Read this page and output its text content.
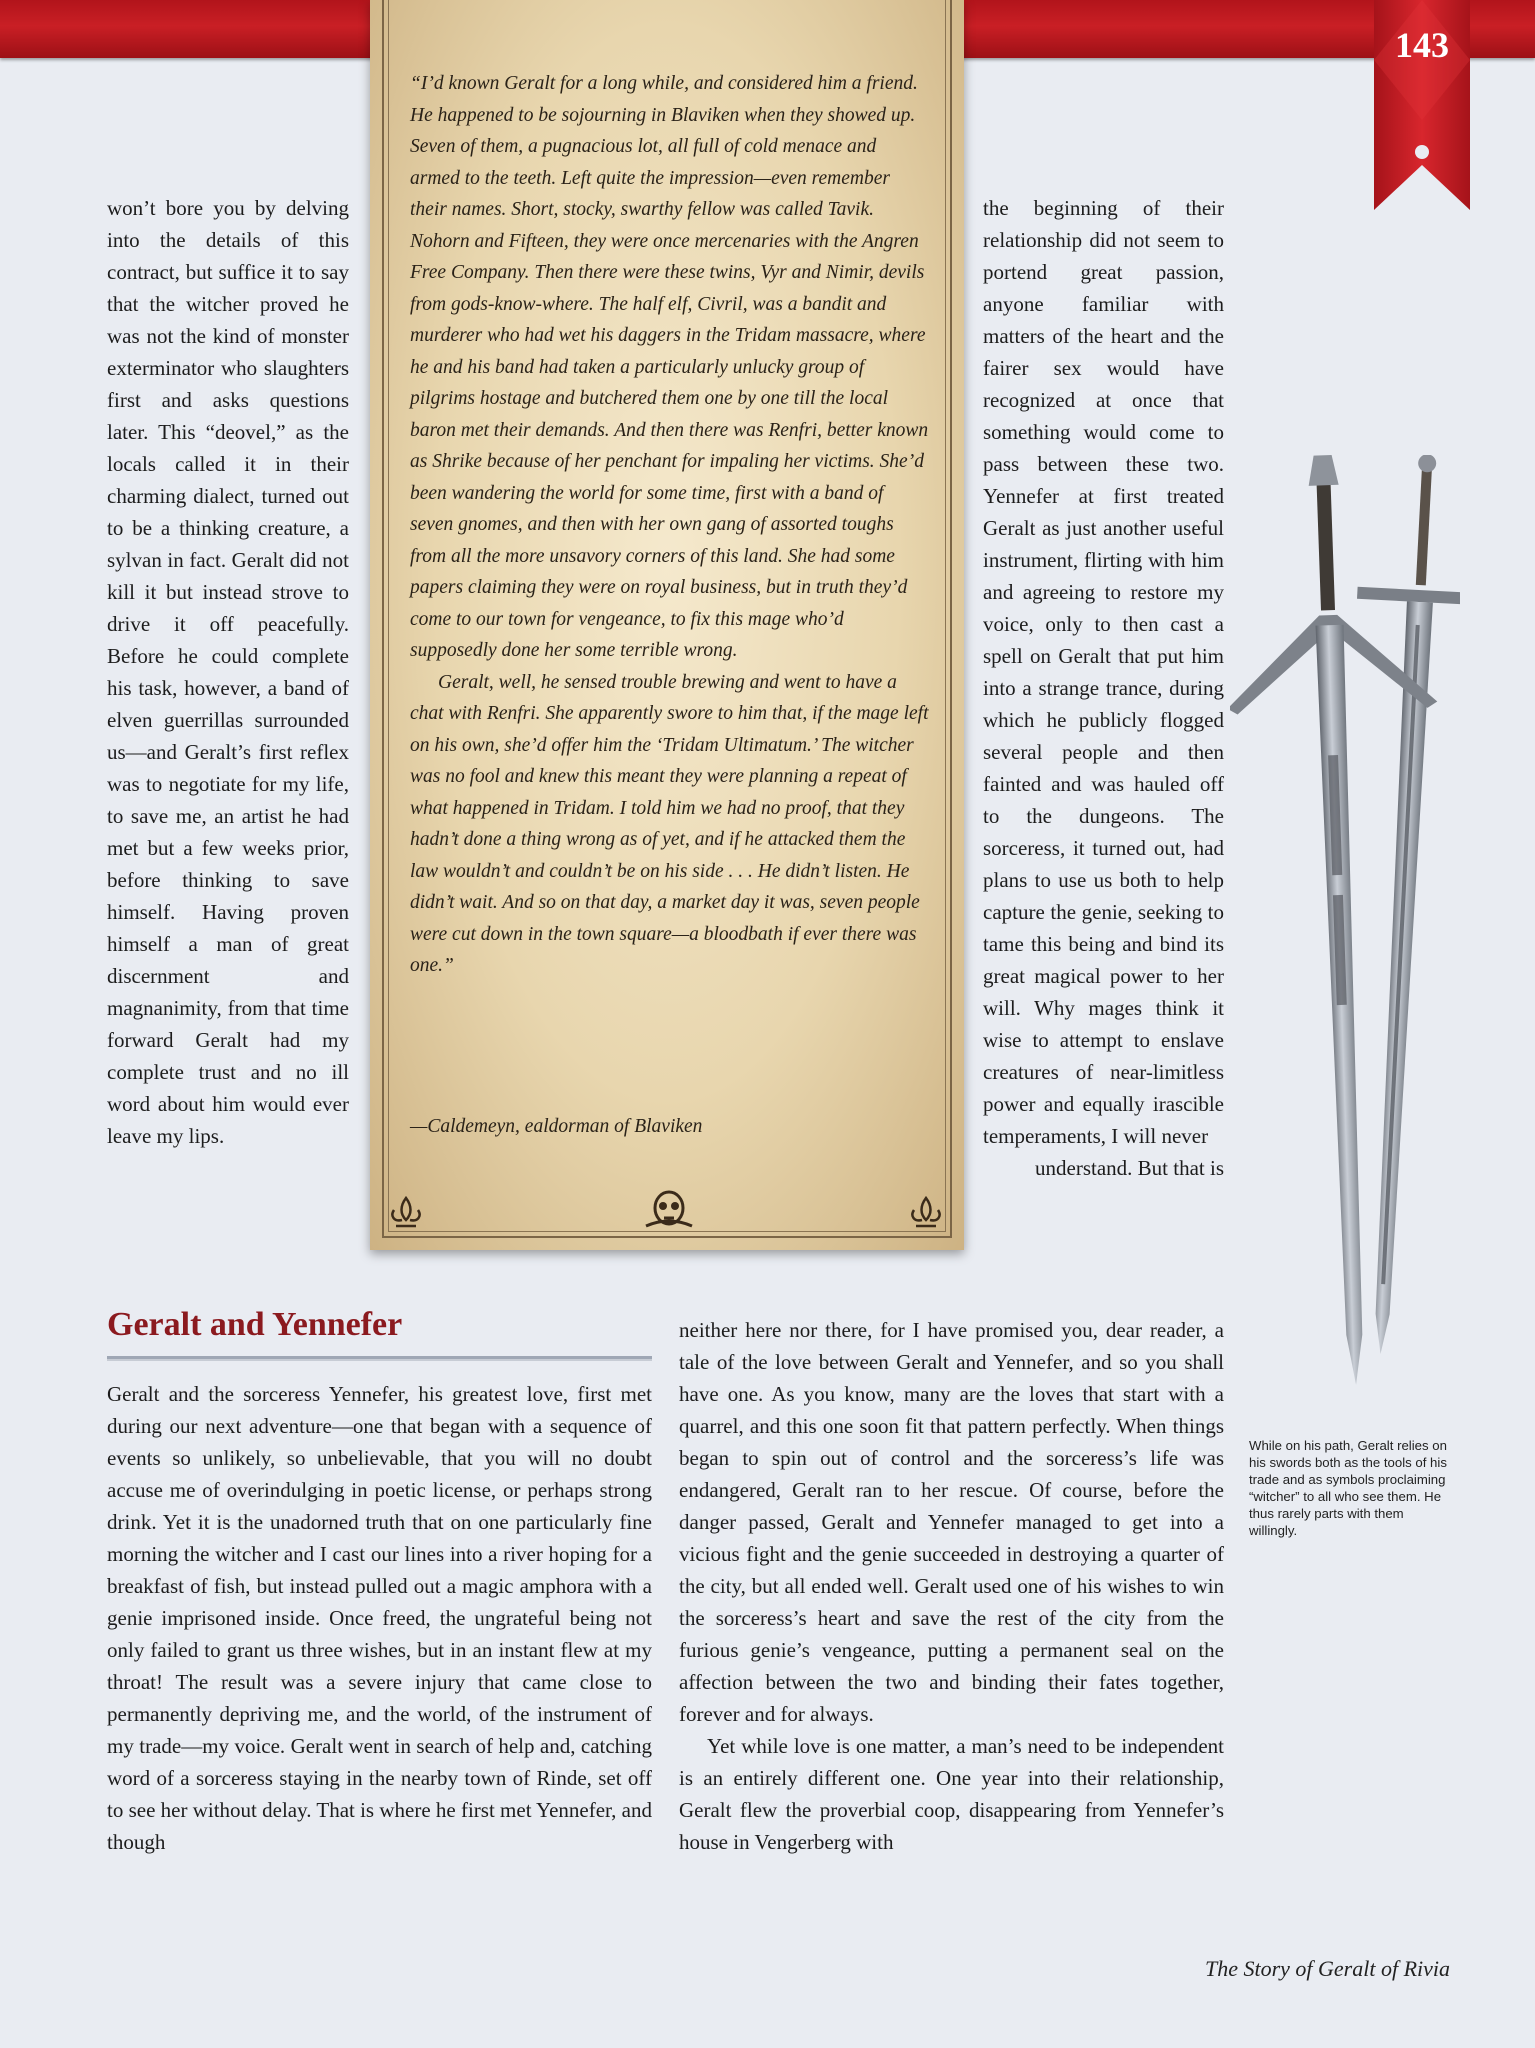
143

won’t bore you by delving into the details of this contract, but suffice it to say that the witcher proved he was not the kind of monster exterminator who slaughters first and asks questions later. This “deovel,” as the locals called it in their charming dialect, turned out to be a thinking creature, a sylvan in fact. Geralt did not kill it but instead strove to drive it off peacefully. Before he could complete his task, however, a band of elven guerrillas surrounded us—and Geralt’s first reflex was to negotiate for my life, to save me, an artist he had met but a few weeks prior, before thinking to save himself. Having proven himself a man of great discernment and magnanimity, from that time forward Geralt had my complete trust and no ill word about him would ever leave my lips.

“I’d known Geralt for a long while, and considered him a friend. He happened to be sojourning in Blaviken when they showed up. Seven of them, a pugnacious lot, all full of cold menace and armed to the teeth. Left quite the impression—even remember their names. Short, stocky, swarthy fellow was called Tavik. Nohorn and Fifteen, they were once mercenaries with the Angren Free Company. Then there were these twins, Vyr and Nimir, devils from gods-know-where. The half elf, Civril, was a bandit and murderer who had wet his daggers in the Tridam massacre, where he and his band had taken a particularly unlucky group of pilgrims hostage and butchered them one by one till the local baron met their demands. And then there was Renfri, better known as Shrike because of her penchant for impaling her victims. She’d been wandering the world for some time, first with a band of seven gnomes, and then with her own gang of assorted toughs from all the more unsavory corners of this land. She had some papers claiming they were on royal business, but in truth they’d come to our town for vengeance, to fix this mage who’d supposedly done her some terrible wrong.

Geralt, well, he sensed trouble brewing and went to have a chat with Renfri. She apparently swore to him that, if the mage left on his own, she’d offer him the ‘Tridam Ultimatum.’ The witcher was no fool and knew this meant they were planning a repeat of what happened in Tridam. I told him we had no proof, that they hadn’t done a thing wrong as of yet, and if he attacked them the law wouldn’t and couldn’t be on his side . . . He didn’t listen. He didn’t wait. And so on that day, a market day it was, seven people were cut down in the town square—a bloodbath if ever there was one.”

—Caldemeyn, ealdorman of Blaviken

the beginning of their relationship did not seem to portend great passion, anyone familiar with matters of the heart and the fairer sex would have recognized at once that something would come to pass between these two. Yennefer at first treated Geralt as just another useful instrument, flirting with him and agreeing to restore my voice, only to then cast a spell on Geralt that put him into a strange trance, during which he publicly flogged several people and then fainted and was hauled off to the dungeons. The sorceress, it turned out, had plans to use us both to help capture the genie, seeking to tame this being and bind its great magical power to her will. Why mages think it wise to attempt to enslave creatures of near-limitless power and equally irascible temperaments, I will never

understand. But that is

While on his path, Geralt relies on his swords both as the tools of his trade and as symbols proclaiming “witcher” to all who see them. He thus rarely parts with them willingly.
Geralt and Yennefer

Geralt and the sorceress Yennefer, his greatest love, first met during our next adventure—one that began with a sequence of events so unlikely, so unbelievable, that you will no doubt accuse me of overindulging in poetic license, or perhaps strong drink. Yet it is the unadorned truth that on one particularly fine morning the witcher and I cast our lines into a river hoping for a breakfast of fish, but instead pulled out a magic amphora with a genie imprisoned inside. Once freed, the ungrateful being not only failed to grant us three wishes, but in an instant flew at my throat! The result was a severe injury that came close to permanently depriving me, and the world, of the instrument of my trade—my voice. Geralt went in search of help and, catching word of a sorceress staying in the nearby town of Rinde, set off to see her without delay. That is where he first met Yennefer, and though

neither here nor there, for I have promised you, dear reader, a tale of the love between Geralt and Yennefer, and so you shall have one. As you know, many are the loves that start with a quarrel, and this one soon fit that pattern perfectly. When things began to spin out of control and the sorceress’s life was endangered, Geralt ran to her rescue. Of course, before the danger passed, Geralt and Yennefer managed to get into a vicious fight and the genie succeeded in destroying a quarter of the city, but all ended well. Geralt used one of his wishes to win the sorceress’s heart and save the rest of the city from the furious genie’s vengeance, putting a permanent seal on the affection between the two and binding their fates together, forever and for always.

Yet while love is one matter, a man’s need to be independent is an entirely different one. One year into their relationship, Geralt flew the proverbial coop, disappearing from Yennefer’s house in Vengerberg with

The Story of Geralt of Rivia
